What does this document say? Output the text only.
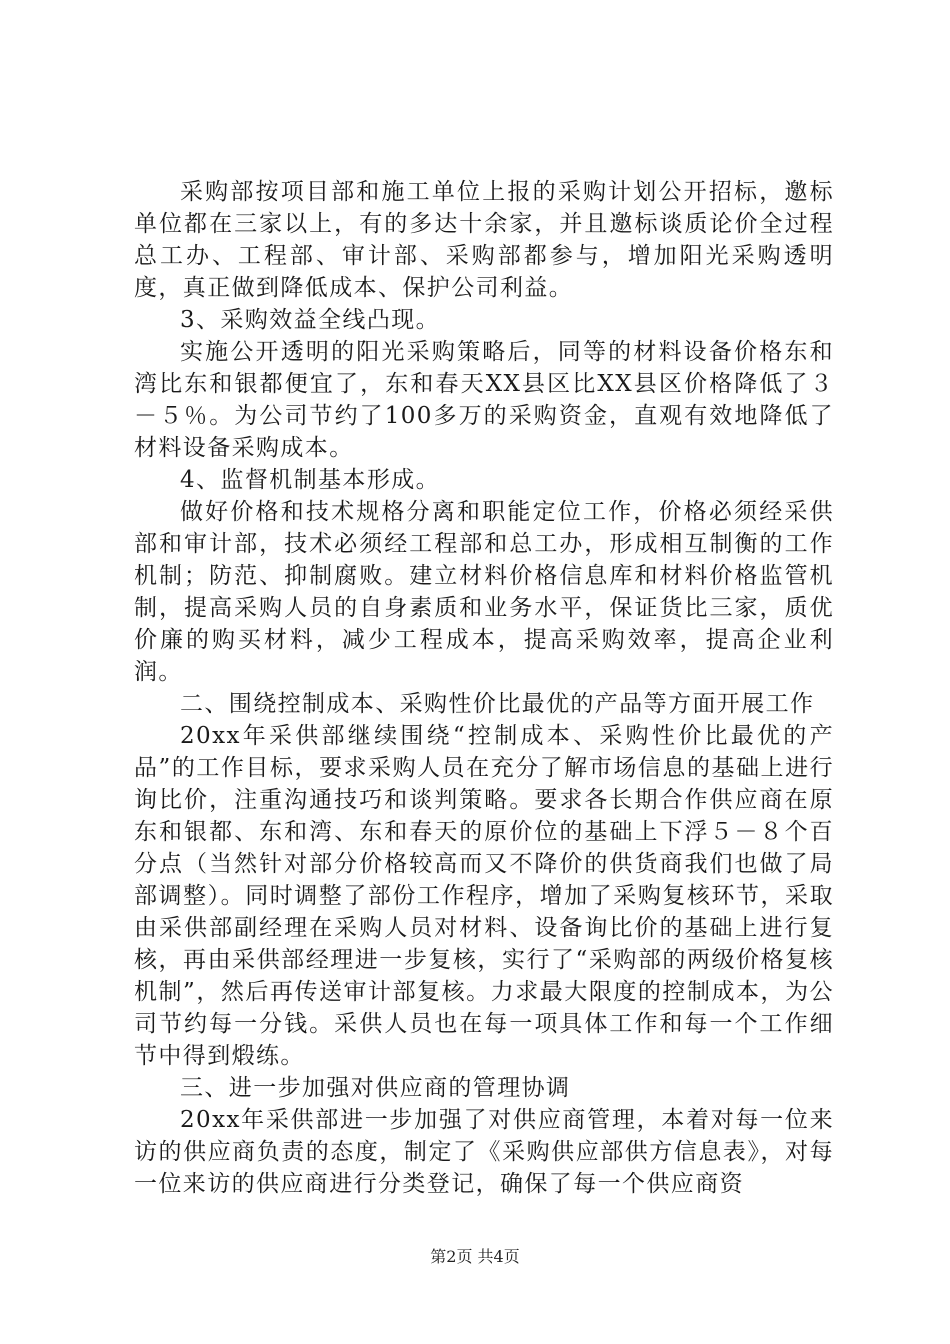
采购部按项目部和施工单位上报的采购计划公开招标，邀标单位都在三家以上，有的多达十余家，并且邀标谈质论价全过程总工办、工程部、审计部、采购部都参与，增加阳光采购透明度，真正做到降低成本、保护公司利益。

3、采购效益全线凸现。

实施公开透明的阳光采购策略后，同等的材料设备价格东和湾比东和银都便宜了，东和春天XX县区比XX县区价格降低了３－５％。为公司节约了100多万的采购资金，直观有效地降低了材料设备采购成本。

4、监督机制基本形成。

做好价格和技术规格分离和职能定位工作，价格必须经采供部和审计部，技术必须经工程部和总工办，形成相互制衡的工作机制；防范、抑制腐败。建立材料价格信息库和材料价格监管机制，提高采购人员的自身素质和业务水平，保证货比三家，质优价廉的购买材料，减少工程成本，提高采购效率，提高企业利润。

二、围绕控制成本、采购性价比最优的产品等方面开展工作

20xx年采供部继续围绕“控制成本、采购性价比最优的产品”的工作目标，要求采购人员在充分了解市场信息的基础上进行询比价，注重沟通技巧和谈判策略。要求各长期合作供应商在原东和银都、东和湾、东和春天的原价位的基础上下浮５－８个百分点（当然针对部分价格较高而又不降价的供货商我们也做了局部调整）。同时调整了部份工作程序，增加了采购复核环节，采取由采供部副经理在采购人员对材料、设备询比价的基础上进行复核，再由采供部经理进一步复核，实行了“采购部的两级价格复核机制”，然后再传送审计部复核。力求最大限度的控制成本，为公司节约每一分钱。采供人员也在每一项具体工作和每一个工作细节中得到煅练。

三、进一步加强对供应商的管理协调

20xx年采供部进一步加强了对供应商管理，本着对每一位来访的供应商负责的态度，制定了《采购供应部供方信息表》，对每一位来访的供应商进行分类登记，确保了每一个供应商资

第2页 共4页
